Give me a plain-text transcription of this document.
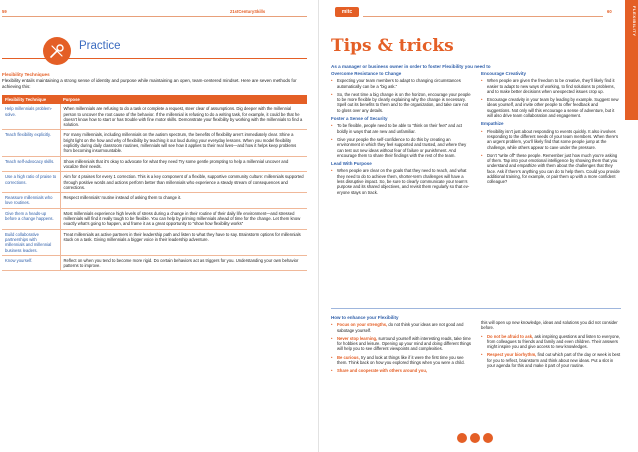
59	21stCenturySkills
Practice
Flexibility Techniques
Flexibility entails maintaining a strong sense of identity and purpose while maintaining an open, team-centered mindset. Here are seven methods for achieving this:
Flexibility Technique	Purpose
Help millennials problem-solve.	When millennials are refusing to do a task or complete a request, steer clear of assumptions. Dig deeper with the millennial person to uncover the root cause of the behavior. If the millennial is refusing to do a writing task, for example, it could be that he doesn’t know how to start or has trouble with fine motor skills. Demonstrate your flexibility by working with the millennials to find a solution.
Teach flexibility explicitly.	For many millennials, including millennials on the autism spectrum, the benefits of flexibility aren’t immediately clear. Shine a bright light on the how and why of flexibility by teaching it out loud during your everyday lessons. When you model flexibility explicitly during daily classroom routines, millennials will see how it applies to their real lives—and how it helps keep problems from becoming insurmountable.
Teach self-advocacy skills.	Show millennials that it’s okay to advocate for what they need Try some gentle prompting to help a millennial uncover and vocalize their needs.
Use a high ratio of praise to corrections.	Aim for 4 praises for every 1 correction. This is a key component of a flexible, supportive community culture: millennials supported through positive words and actions perform better than millennials who experience a steady stream of consequences and corrections.
Reassure millennials who love routines.	Respect millennials’ routine instead of asking them to change it.
Give them a heads-up before a change happens.	Most millennials experience high levels of stress during a change in their routine of their daily life environment—and stressed millennials will find it really tough to be flexible. You can help by priming millennials ahead of time for the change. Let them know exactly what’s going to happen, and frame it as a great opportunity to “show how flexibility works”
Build collaborative partnerships with millennials and millennial business leaders.	Treat millennials as active partners in their leadership path and listen to what they have to say. Brainstorm options for millennials stuck on a task. Giving millennials a bigger voice in their leadership adventure.
Know yourself.	Reflect on when you tend to become more rigid. Do certain behaviors act as triggers for you. Understanding your own behavior patterns to improve.
mitc	60	FLEXIBILITY
Tips & tricks
As a manager or business owner in order to foster Flexibility you need to
Overcome Resistance to Change
• Expecting your team members to adapt to changing circumstances automatically can be a “big ask.”
• So, the next time a big change is on the horizon, encourage your people to be more flexible by clearly explaining why the change is necessary. Spell out its benefits to them and to the organization, and take care not to gloss over any details.
Foster a Sense of Security
• To be flexible, people need to be able to “think on their feet” and act boldly in ways that are new and unfamiliar.
• Give your people the self-confidence to do this by creating an environment in which they feel supported and trusted, and where they can test out new ideas without fear of failure or punishment. And encourage them to share their findings with the rest of the team.
Lead With Purpose
• When people are clear on the goals that they need to reach, and what they need to do to achieve them, shorter-term challenges will have a less disruptive impact. So, be sure to clearly communicate your team’s purpose and its shared objectives, and revisit them regularly so that everyone stays on track.
Encourage Creativity
• When people are given the freedom to be creative, they’ll likely find it easier to adapt to new ways of working, to find solutions to problems, and to make better decisions when unexpected issues crop up.
• Encourage creativity in your team by leading by example. Suggest new ideas yourself, and invite other people to offer feedback and suggestions. Not only will this encourage a sense of adventure, but it will also drive team collaboration and engagement.
Empathize
• Flexibility isn’t just about responding to events quickly. It also involves responding to the different needs of your team members. When there’s an urgent problem, you’ll likely find that some people jump at the challenge, while others appear to cave under the pressure.
• Don’t “write off” these people. Remember just how much you’re asking of them. Tap into your emotional intelligence by showing them that you understand and empathize with them about the challenges that they face. Ask if there’s anything you can do to help them. Could you provide additional training, for example, or pair them up with a more confident colleague?
How to enhance your Flexibility
• Focus on your strengths, do not think your ideas are not good and sabotage yourself.
• Never stop learning, surround yourself with interesting reads, take time for hobbies and leisure. Opening up your mind and doing different things will help you to see different viewpoints and complexities.
• Be curious, try and look at things like if it were the first time you see them. Think back on how you explored things when you were a child.
• Share and cooperate with others around you,

this will open up new knowledge, ideas and solutions you did not consider before.

• Do not be afraid to ask, ask inspiring questions and listen to everyone, from colleagues to friends and family and even children. Their answers might inspire you and give access to new knowledges.
• Respect your biorhythm, find out which part of the day or week is best for you to reflect, brainstorm and think about new ideas. Put a slot in your agenda for this and make it part of your routine.
